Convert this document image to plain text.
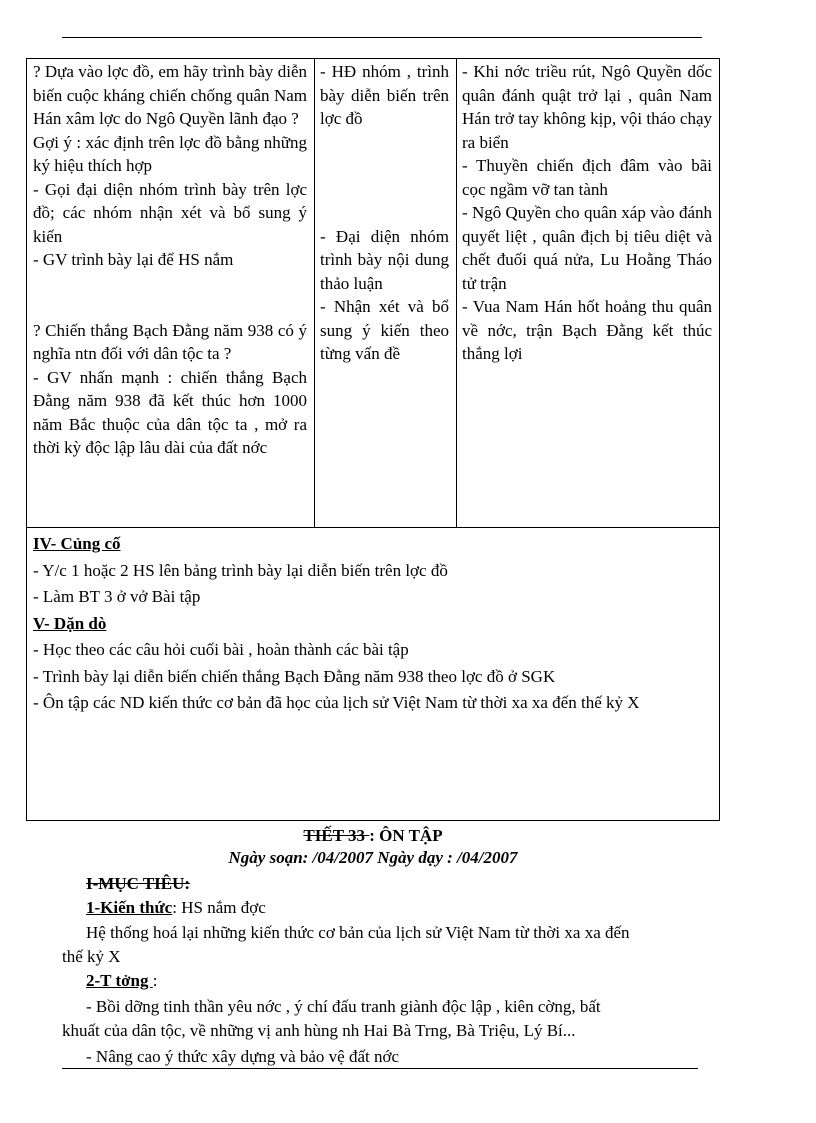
? Dựa vào lợc đồ, em hãy trình bày diễn biến cuộc kháng chiến chống quân Nam Hán xâm lợc do Ngô Quyền lãnh đạo ?

Gợi ý : xác định trên lợc đồ bằng những ký hiệu thích hợp

- Gọi đại diện nhóm trình bày trên lợc đồ; các nhóm nhận xét và bổ sung ý kiến

- GV trình bày lại để HS nắm

? Chiến thắng Bạch Đằng năm 938 có ý nghĩa ntn đối với dân tộc ta ?

- GV nhấn mạnh : chiến thắng Bạch Đằng năm 938 đã kết thúc hơn 1000 năm Bắc thuộc của dân tộc ta , mở ra thời kỳ độc lập lâu dài của đất nớc

- HĐ nhóm , trình bày diễn biến trên lợc đồ

- Đại diện nhóm trình bày nội dung thảo luận

- Nhận xét và bổ sung ý kiến theo từng vấn đề

- Khi nớc triều rút, Ngô Quyền dốc quân đánh quật trở lại , quân Nam Hán trở tay không kịp, vội tháo chạy ra biển

- Thuyền chiến địch đâm vào bãi cọc ngầm vỡ tan tành

- Ngô Quyền cho quân xáp vào đánh quyết liệt , quân địch bị tiêu diệt và chết đuối quá nửa, Lu Hoằng Tháo tử trận

- Vua Nam Hán hốt hoảng thu quân về nớc, trận Bạch Đằng kết thúc thắng lợi

IV- Củng cố

- Y/c 1 hoặc 2 HS lên bảng trình bày lại diễn biến trên lợc đồ

- Làm BT 3 ở vở Bài tập

V- Dặn dò

- Học theo các câu hỏi cuối bài , hoàn thành các bài tập

- Trình bày lại diễn biến chiến thắng Bạch Đằng năm 938 theo lợc đồ ở SGK

- Ôn tập các ND kiến thức cơ bản đã học của lịch sử Việt Nam từ thời xa xa đến thế kỷ X

TIẾT 33 : ÔN TẬP
Ngày soạn: /04/2007 Ngày dạy : /04/2007
I-MỤC TIÊU:
1-Kiến thức: HS nắm đợc
Hệ thống hoá lại những kiến thức cơ bản của lịch sử Việt Nam từ thời xa xa đến
thế kỷ X
2-T tởng :
- Bồi dỡng tinh thần yêu nớc , ý chí đấu tranh giành độc lập , kiên cờng, bất
khuất của dân tộc, về những vị anh hùng nh Hai Bà Trng, Bà Triệu, Lý Bí...
- Nâng cao ý thức xây dựng và bảo vệ đất nớc
